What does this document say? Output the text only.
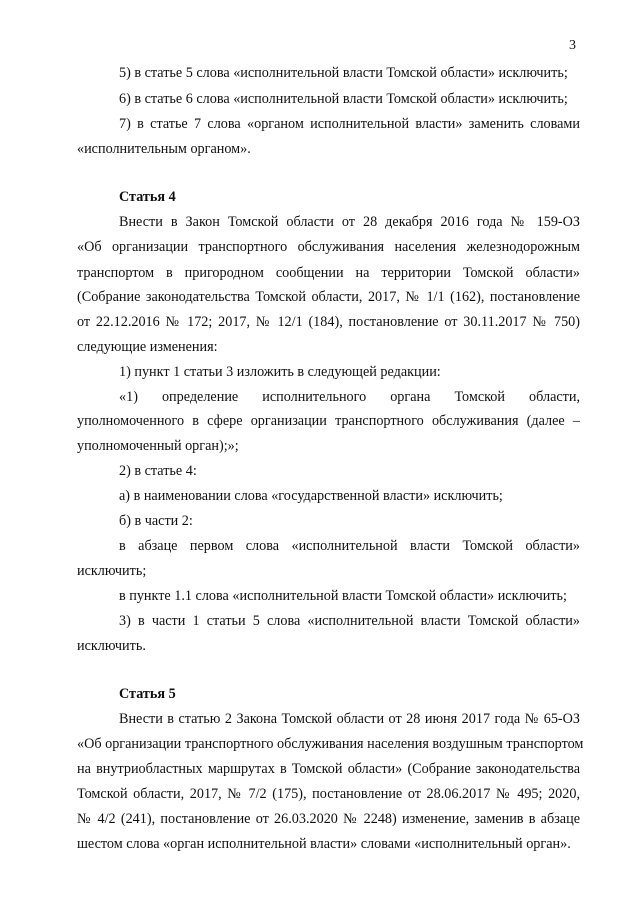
3
5) в статье 5 слова «исполнительной власти Томской области» исключить;
6) в статье 6 слова «исполнительной власти Томской области» исключить;
7) в статье 7 слова «органом исполнительной власти» заменить словами
«исполнительным органом».
Статья 4
Внести в Закон Томской области от 28 декабря 2016 года № 159-ОЗ
«Об организации транспортного обслуживания населения железнодорожным
транспортом в пригородном сообщении на территории Томской области»
(Собрание законодательства Томской области, 2017, № 1/1 (162), постановление
от 22.12.2016 № 172; 2017, № 12/1 (184), постановление от 30.11.2017 № 750)
следующие изменения:
1) пункт 1 статьи 3 изложить в следующей редакции:
«1) определение исполнительного органа Томской области,
уполномоченного в сфере организации транспортного обслуживания (далее –
уполномоченный орган);»;
2) в статье 4:
а) в наименовании слова «государственной власти» исключить;
б) в части 2:
в абзаце первом слова «исполнительной власти Томской области»
исключить;
в пункте 1.1 слова «исполнительной власти Томской области» исключить;
3) в части 1 статьи 5 слова «исполнительной власти Томской области»
исключить.
Статья 5
Внести в статью 2 Закона Томской области от 28 июня 2017 года № 65-ОЗ
«Об организации транспортного обслуживания населения воздушным транспортом
на внутриобластных маршрутах в Томской области» (Собрание законодательства
Томской области, 2017, № 7/2 (175), постановление от 28.06.2017 № 495; 2020,
№ 4/2 (241), постановление от 26.03.2020 № 2248) изменение, заменив в абзаце
шестом слова «орган исполнительной власти» словами «исполнительный орган».
